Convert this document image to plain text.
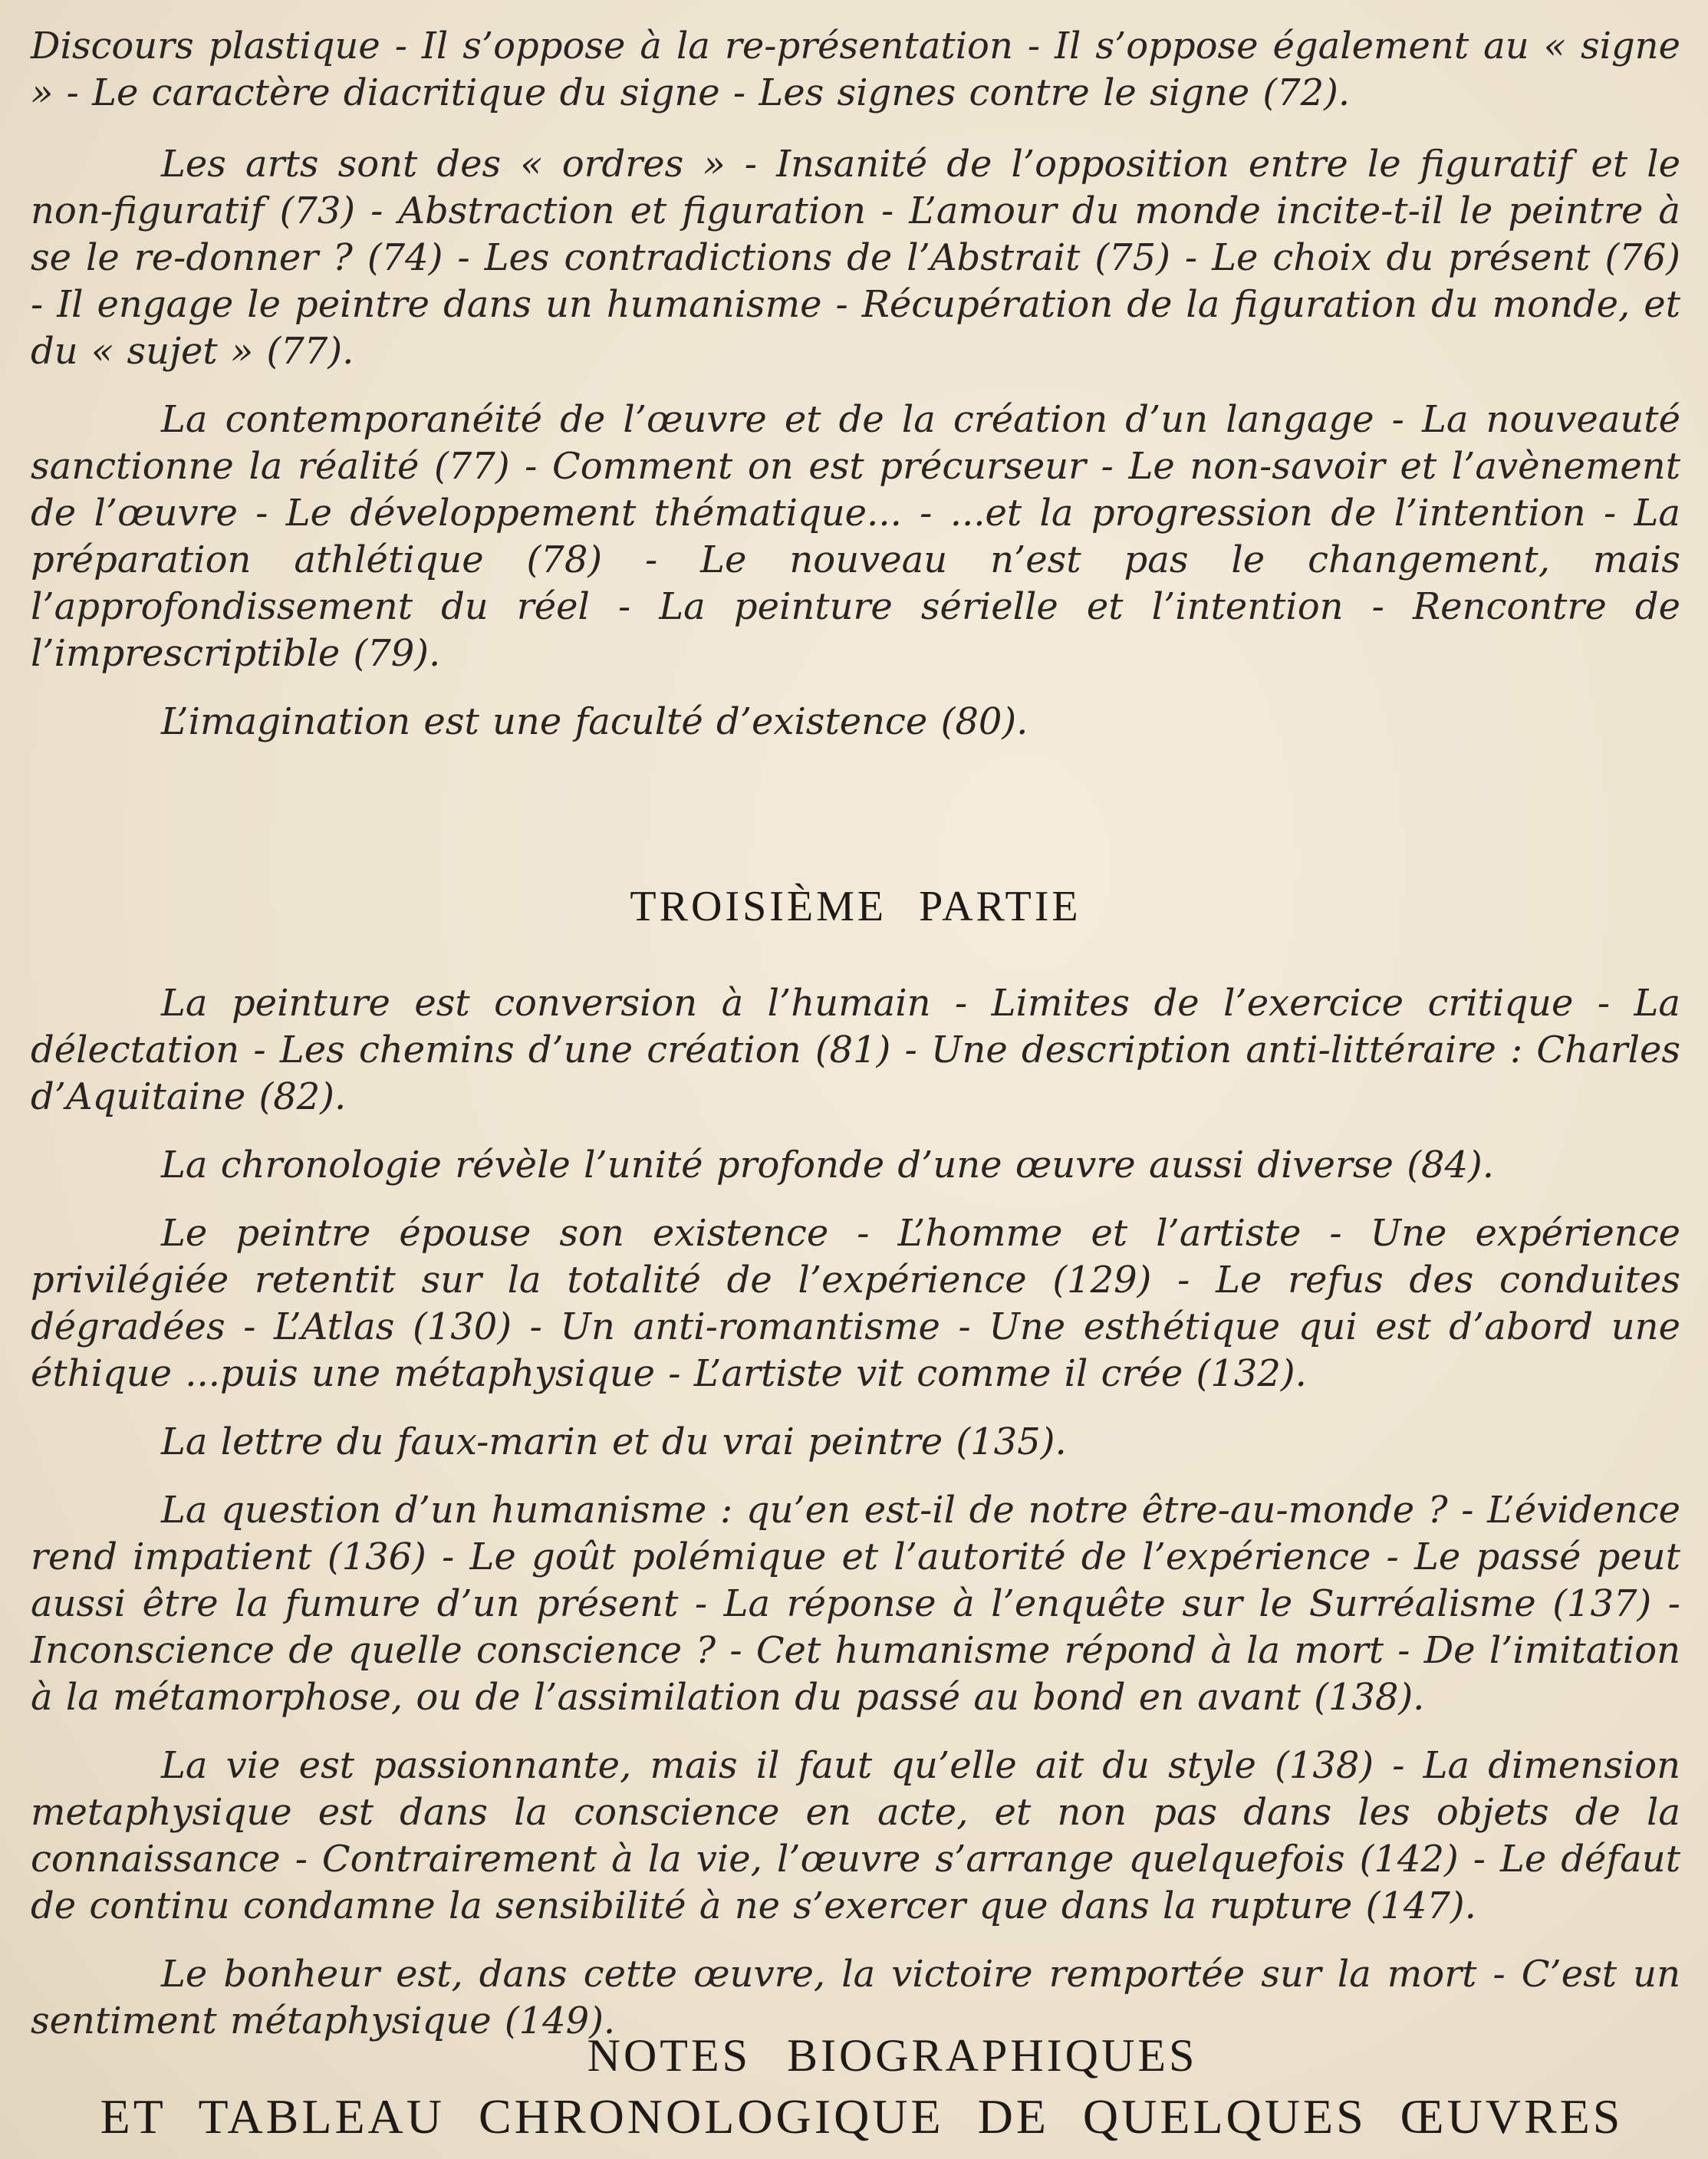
Discours plastique - Il s’oppose à la re-présentation - Il s’oppose également au « signe » - Le caractère diacritique du signe - Les signes contre le signe (72).

Les arts sont des « ordres » - Insanité de l’opposition entre le figuratif et le non-figuratif (73) - Abstraction et figuration - L’amour du monde incite-t-il le peintre à se le re-donner ? (74) - Les contradictions de l’Abstrait (75) - Le choix du présent (76) - Il engage le peintre dans un humanisme - Récupération de la figuration du monde, et du « sujet » (77).

La contemporanéité de l’œuvre et de la création d’un langage - La nouveauté sanctionne la réalité (77) - Comment on est précurseur - Le non-savoir et l’avènement de l’œuvre - Le développement thématique... - ...et la progression de l’intention - La préparation athlétique (78) - Le nouveau n’est pas le changement, mais l’approfondissement du réel - La peinture sérielle et l’intention - Rencontre de l’imprescriptible (79).

L’imagination est une faculté d’existence (80).

TROISIÈME PARTIE

La peinture est conversion à l’humain - Limites de l’exercice critique - La délectation - Les chemins d’une création (81) - Une description anti-littéraire : Charles d’Aquitaine (82).

La chronologie révèle l’unité profonde d’une œuvre aussi diverse (84).

Le peintre épouse son existence - L’homme et l’artiste - Une expérience privilégiée retentit sur la totalité de l’expérience (129) - Le refus des conduites dégradées - L’Atlas (130) - Un anti-romantisme - Une esthétique qui est d’abord une éthique ...puis une métaphysique - L’artiste vit comme il crée (132).

La lettre du faux-marin et du vrai peintre (135).

La question d’un humanisme : qu’en est-il de notre être-au-monde ? - L’évidence rend impatient (136) - Le goût polémique et l’autorité de l’expérience - Le passé peut aussi être la fumure d’un présent - La réponse à l’enquête sur le Surréalisme (137) - Inconscience de quelle conscience ? - Cet humanisme répond à la mort - De l’imitation à la métamorphose, ou de l’assimilation du passé au bond en avant (138).

La vie est passionnante, mais il faut qu’elle ait du style (138) - La dimension metaphysique est dans la conscience en acte, et non pas dans les objets de la connaissance - Contrairement à la vie, l’œuvre s’arrange quelquefois (142) - Le défaut de continu condamne la sensibilité à ne s’exercer que dans la rupture (147).

Le bonheur est, dans cette œuvre, la victoire remportée sur la mort - C’est un sentiment métaphysique (149).

NOTES BIOGRAPHIQUES
ET TABLEAU CHRONOLOGIQUE DE QUELQUES ŒUVRES
